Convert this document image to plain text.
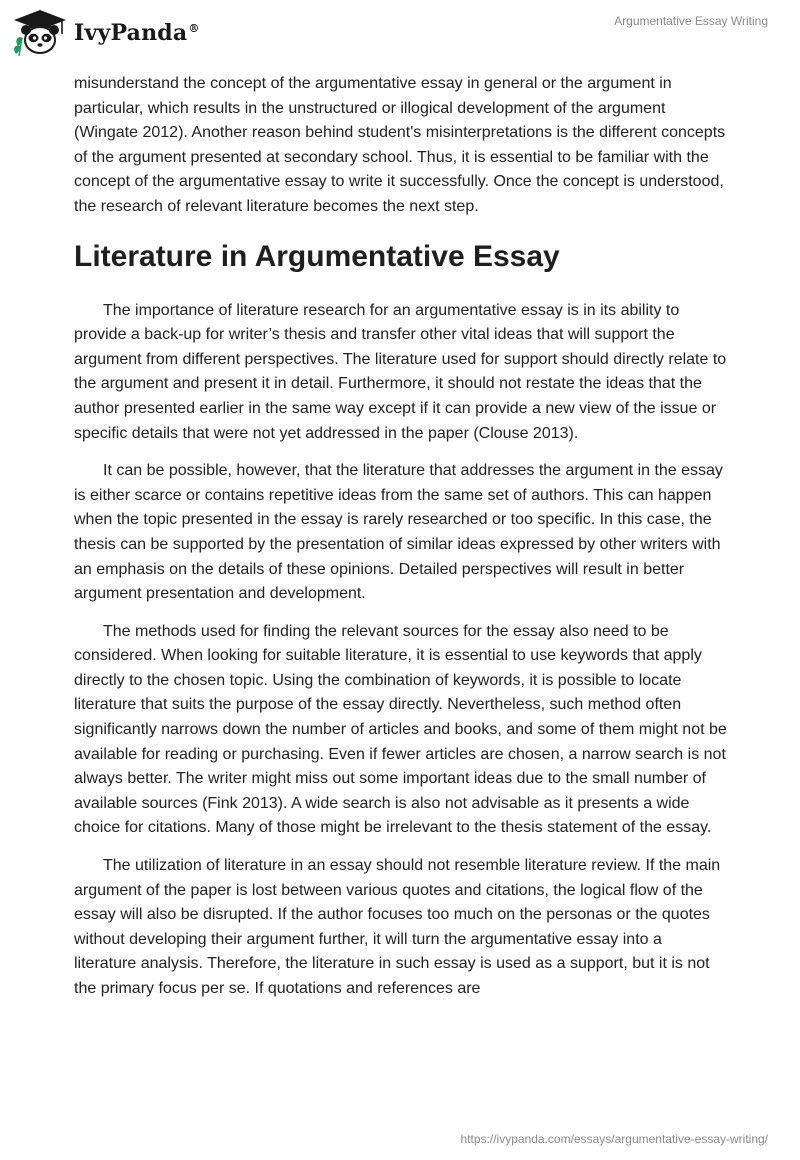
IvyPanda®
Argumentative Essay Writing

misunderstand the concept of the argumentative essay in general or the argument in particular, which results in the unstructured or illogical development of the argument (Wingate 2012). Another reason behind student's misinterpretations is the different concepts of the argument presented at secondary school. Thus, it is essential to be familiar with the concept of the argumentative essay to write it successfully. Once the concept is understood, the research of relevant literature becomes the next step.

Literature in Argumentative Essay

The importance of literature research for an argumentative essay is in its ability to provide a back-up for writer’s thesis and transfer other vital ideas that will support the argument from different perspectives. The literature used for support should directly relate to the argument and present it in detail. Furthermore, it should not restate the ideas that the author presented earlier in the same way except if it can provide a new view of the issue or specific details that were not yet addressed in the paper (Clouse 2013).

It can be possible, however, that the literature that addresses the argument in the essay is either scarce or contains repetitive ideas from the same set of authors. This can happen when the topic presented in the essay is rarely researched or too specific. In this case, the thesis can be supported by the presentation of similar ideas expressed by other writers with an emphasis on the details of these opinions. Detailed perspectives will result in better argument presentation and development.

The methods used for finding the relevant sources for the essay also need to be considered. When looking for suitable literature, it is essential to use keywords that apply directly to the chosen topic. Using the combination of keywords, it is possible to locate literature that suits the purpose of the essay directly. Nevertheless, such method often significantly narrows down the number of articles and books, and some of them might not be available for reading or purchasing. Even if fewer articles are chosen, a narrow search is not always better. The writer might miss out some important ideas due to the small number of available sources (Fink 2013). A wide search is also not advisable as it presents a wide choice for citations. Many of those might be irrelevant to the thesis statement of the essay.

The utilization of literature in an essay should not resemble literature review. If the main argument of the paper is lost between various quotes and citations, the logical flow of the essay will also be disrupted. If the author focuses too much on the personas or the quotes without developing their argument further, it will turn the argumentative essay into a literature analysis. Therefore, the literature in such essay is used as a support, but it is not the primary focus per se. If quotations and references are

https://ivypanda.com/essays/argumentative-essay-writing/
